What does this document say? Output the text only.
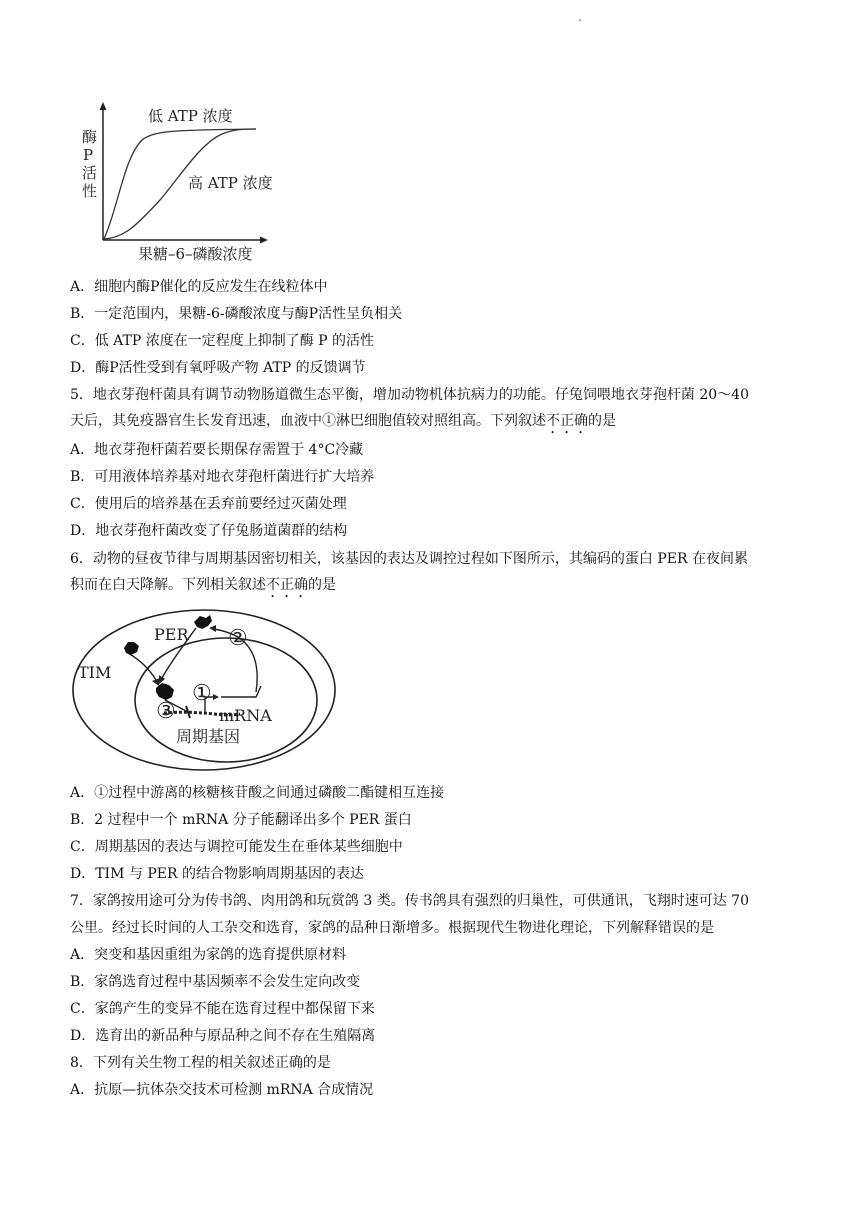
.
酶
P
活
性
低 ATP 浓度
高 ATP 浓度
果糖–6–磷酸浓度
A．细胞内酶P催化的反应发生在线粒体中
B．一定范围内，果糖-6-磷酸浓度与酶P活性呈负相关
C．低 ATP 浓度在一定程度上抑制了酶 P 的活性
D．酶P活性受到有氧呼吸产物 ATP 的反馈调节
5．地衣芽孢杆菌具有调节动物肠道微生态平衡，增加动物机体抗病力的功能。仔兔饲喂地衣芽孢杆菌 20～40
天后，其免疫器官生长发育迅速，血液中①淋巴细胞值较对照组高。下列叙述不正确的是
A．地衣芽孢杆菌若要长期保存需置于 4°C冷藏
B．可用液体培养基对地衣芽孢杆菌进行扩大培养
C．使用后的培养基在丢弃前要经过灭菌处理
D．地衣芽孢杆菌改变了仔兔肠道菌群的结构
6．动物的昼夜节律与周期基因密切相关，该基因的表达及调控过程如下图所示，其编码的蛋白 PER 在夜间累
积而在白天降解。下列相关叙述不正确的是
PER
TIM
②
①
③	mRNA
周期基因
A．①过程中游离的核糖核苷酸之间通过磷酸二酯键相互连接
B．2 过程中一个 mRNA 分子能翻译出多个 PER 蛋白
C．周期基因的表达与调控可能发生在垂体某些细胞中
D．TIM 与 PER 的结合物影响周期基因的表达
7．家鸽按用途可分为传书鸽、肉用鸽和玩赏鸽 3 类。传书鸽具有强烈的归巢性，可供通讯，飞翔时速可达 70
公里。经过长时间的人工杂交和选育，家鸽的品种日渐增多。根据现代生物进化理论，下列解释错误的是
A．突变和基因重组为家鸽的选育提供原材料
B．家鸽选育过程中基因频率不会发生定向改变
C．家鸽产生的变异不能在选育过程中都保留下来
D．选育出的新品种与原品种之间不存在生殖隔离
8．下列有关生物工程的相关叙述正确的是
A．抗原—抗体杂交技术可检测 mRNA 合成情况
